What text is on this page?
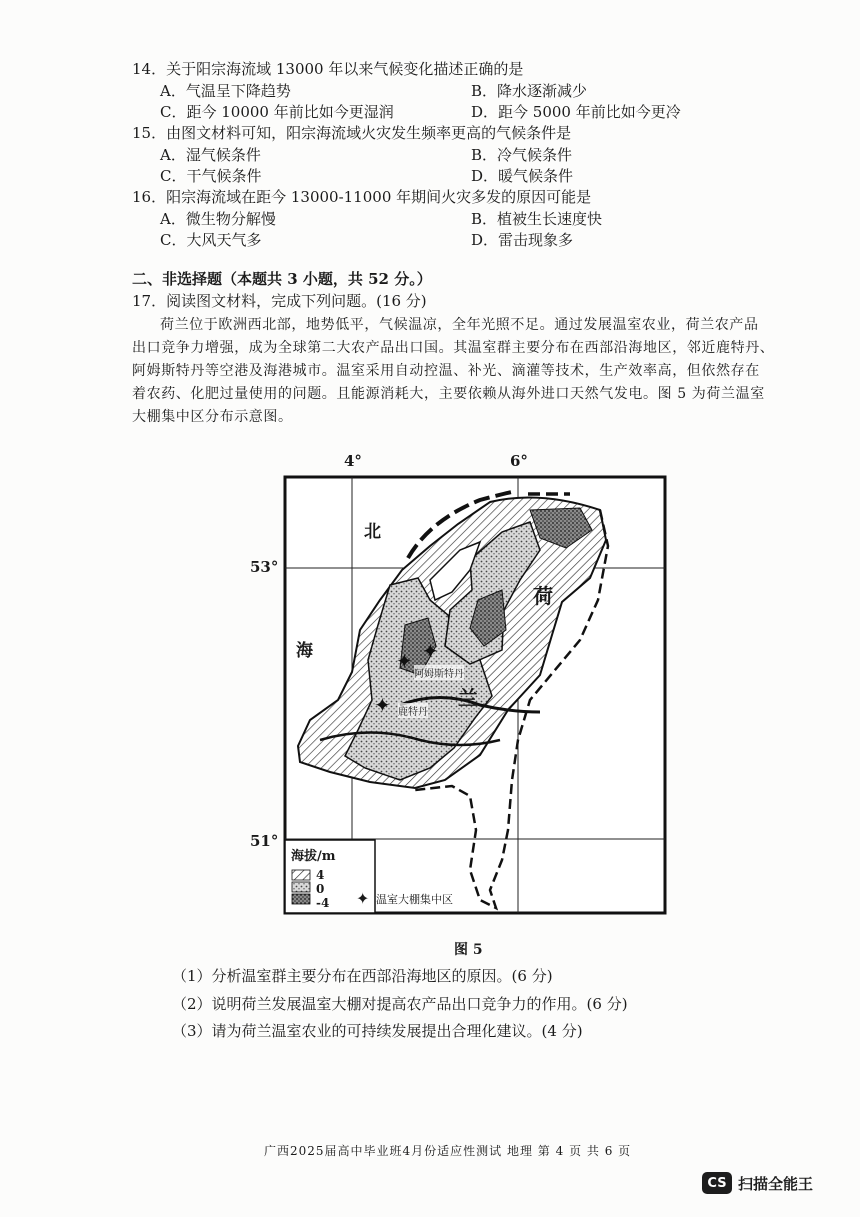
14．关于阳宗海流域 13000 年以来气候变化描述正确的是
A．气温呈下降趋势	B．降水逐渐减少
C．距今 10000 年前比如今更湿润	D．距今 5000 年前比如今更冷
15．由图文材料可知，阳宗海流域火灾发生频率更高的气候条件是
A．湿气候条件	B．冷气候条件
C．干气候条件	D．暖气候条件
16．阳宗海流域在距今 13000-11000 年期间火灾多发的原因可能是
A．微生物分解慢	B．植被生长速度快
C．大风天气多	D．雷击现象多
二、非选择题（本题共 3 小题，共 52 分。）
17．阅读图文材料，完成下列问题。(16 分)
荷兰位于欧洲西北部，地势低平，气候温凉，全年光照不足。通过发展温室农业，荷兰农产品
出口竞争力增强，成为全球第二大农产品出口国。其温室群主要分布在西部沿海地区，邻近鹿特丹、
阿姆斯特丹等空港及海港城市。温室采用自动控温、补光、滴灌等技术，生产效率高，但依然存在
着农药、化肥过量使用的问题。且能源消耗大，主要依赖从海外进口天然气发电。图 5 为荷兰温室
大棚集中区分布示意图。
✦
✦
✦
4°	6°
53°
51°
北
海
荷
兰
阿姆斯特丹
鹿特丹
海拔/m
4
0
-4 ✦ 温室大棚集中区
图 5
（1）分析温室群主要分布在西部沿海地区的原因。(6 分)
（2）说明荷兰发展温室大棚对提高农产品出口竞争力的作用。(6 分)
（3）请为荷兰温室农业的可持续发展提出合理化建议。(4 分)
广西2025届高中毕业班4月份适应性测试 地理 第 4 页 共 6 页
CS 扫描全能王
